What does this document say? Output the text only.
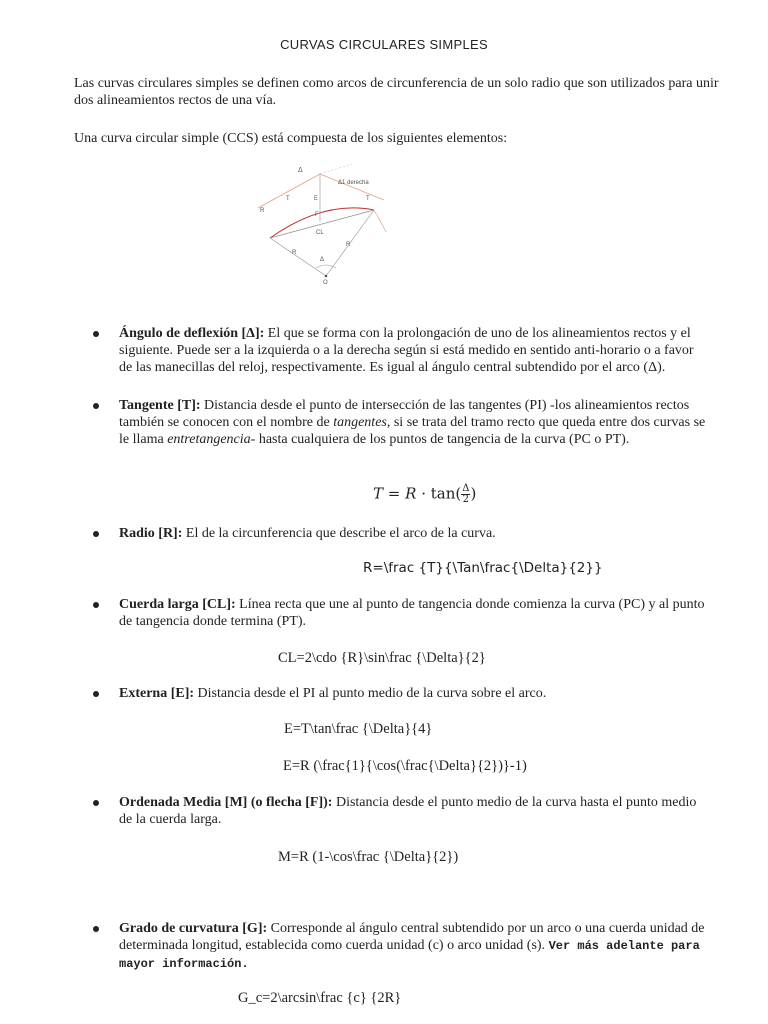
CURVAS CIRCULARES SIMPLES
Las curvas circulares simples se definen como arcos de circunferencia de un solo radio que son utilizados para unir dos alineamientos rectos de una vía.
Una curva circular simple (CCS) está compuesta de los siguientes elementos:
Δ
Δ1 derecha
T	T
E
F
CL
R
R
R
Δ
O
Ángulo de deflexión [Δ]: El que se forma con la prolongación de uno de los alineamientos rectos y el siguiente. Puede ser a la izquierda o a la derecha según si está medido en sentido anti-horario o a favor de las manecillas del reloj, respectivamente. Es igual al ángulo central subtendido por el arco (Δ).
Tangente [T]: Distancia desde el punto de intersección de las tangentes (PI) -los alineamientos rectos también se conocen con el nombre de tangentes, si se trata del tramo recto que queda entre dos curvas se le llama entretangencia- hasta cualquiera de los puntos de tangencia de la curva (PC o PT).
Radio [R]: El de la circunferencia que describe el arco de la curva.
Cuerda larga [CL]: Línea recta que une al punto de tangencia donde comienza la curva (PC) y al punto de tangencia donde termina (PT).
Externa [E]: Distancia desde el PI al punto medio de la curva sobre el arco.
Ordenada Media [M] (o flecha [F]): Distancia desde el punto medio de la curva hasta el punto medio de la cuerda larga.
Grado de curvatura [G]: Corresponde al ángulo central subtendido por un arco o una cuerda unidad de determinada longitud, establecida como cuerda unidad (c) o arco unidad (s). Ver más adelante para mayor información.
$T = R \cdot \tan( \frac{\Delta}{2}$ )
R=\frac {T}{\Tan\frac{\Delta}{2}}
CL=2\cdo {R}\sin\frac {\Delta}{2}
E=T\tan\frac {\Delta}{4}
E=R (\frac{1}{\cos(\frac{\Delta}{2})}-1)
M=R (1-\cos\frac {\Delta}{2})
G_c=2\arcsin\frac {c} {2R}
